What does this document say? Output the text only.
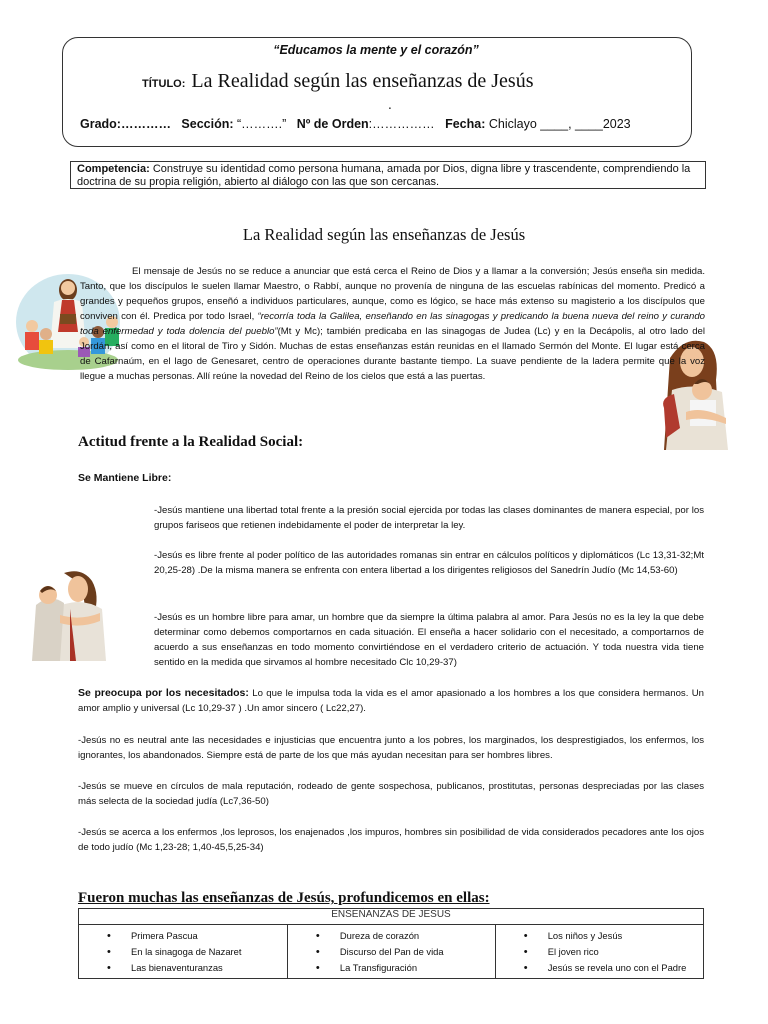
“Educamos la mente y el corazón”
TÍTULO: La Realidad según las enseñanzas de Jesús
.
Grado:………… Sección: “……….” Nº de Orden:…………… Fecha: Chiclayo ____, ____2023
Competencia: Construye su identidad como persona humana, amada por Dios, digna libre y trascendente, comprendiendo la doctrina de su propia religión, abierto al diálogo con las que son cercanas.
La Realidad según las enseñanzas de Jesús
El mensaje de Jesús no se reduce a anunciar que está cerca el Reino de Dios y a llamar a la conversión; Jesús enseña sin medida. Tanto, que los discípulos le suelen llamar Maestro, o Rabbí, aunque no provenía de ninguna de las escuelas rabínicas del momento. Predicó a grandes y pequeños grupos, enseñó a individuos particulares, aunque, como es lógico, se hace más extenso su magisterio a los discípulos que conviven con él. Predica por todo Israel, “recorría toda la Galilea, enseñando en las sinagogas y predicando la buena nueva del reino y curando toda enfermedad y toda dolencia del pueblo”(Mt y Mc); también predicaba en las sinagogas de Judea (Lc) y en la Decápolis, al otro lado del Jordán, así como en el litoral de Tiro y Sidón. Muchas de estas enseñanzas están reunidas en el llamado Sermón del Monte. El lugar está cerca de Cafarnaúm, en el lago de Genesaret, centro de operaciones durante bastante tiempo. La suave pendiente de la ladera permite que la voz llegue a muchas personas. Allí reúne la novedad del Reino de los cielos que está a las puertas.
Actitud frente a la Realidad Social:
Se Mantiene Libre:
-Jesús mantiene una libertad total frente a la presión social ejercida por todas las clases dominantes de manera especial, por los grupos fariseos que retienen indebidamente el poder de interpretar la ley.
-Jesús es libre frente al poder político de las autoridades romanas sin entrar en cálculos políticos y diplomáticos (Lc 13,31-32;Mt 20,25-28) .De la misma manera se enfrenta con entera libertad a los dirigentes religiosos del Sanedrín Judío (Mc 14,53-60)
-Jesús es un hombre libre para amar, un hombre que da siempre la última palabra al amor. Para Jesús no es la ley la que debe determinar como debemos comportarnos en cada situación. El enseña a hacer solidario con el necesitado, a comportarnos de acuerdo a sus enseñanzas en todo momento convirtiéndose en el verdadero criterio de actuación. Y toda nuestra vida tiene sentido en la medida que sirvamos al hombre necesitado Clc 10,29-37)
Se preocupa por los necesitados: Lo que le impulsa toda la vida es el amor apasionado a los hombres a los que considera hermanos. Un amor amplio y universal (Lc 10,29-37 ) .Un amor sincero ( Lc22,27).
-Jesús no es neutral ante las necesidades e injusticias que encuentra junto a los pobres, los marginados, los desprestigiados, los enfermos, los ignorantes, los abandonados. Siempre está de parte de los que más ayudan necesitan para ser hombres libres.
-Jesús se mueve en círculos de mala reputación, rodeado de gente sospechosa, publicanos, prostitutas, personas despreciadas por las clases más selecta de la sociedad judía (Lc7,36-50)
-Jesús se acerca a los enfermos ,los leprosos, los enajenados ,los impuros, hombres sin posibilidad de vida considerados pecadores ante los ojos de todo judío (Mc 1,23-28; 1,40-45,5,25-34)
Fueron muchas las enseñanzas de Jesús, profundicemos en ellas:
ENSEÑANZAS DE JESUS

• Primera Pascua
• En la sinagoga de Nazaret
• Las bienaventuranzas

• Dureza de corazón
• Discurso del Pan de vida
• La Transfiguración

• Los niños y Jesús
• El joven rico
• Jesús se revela uno con el Padre
